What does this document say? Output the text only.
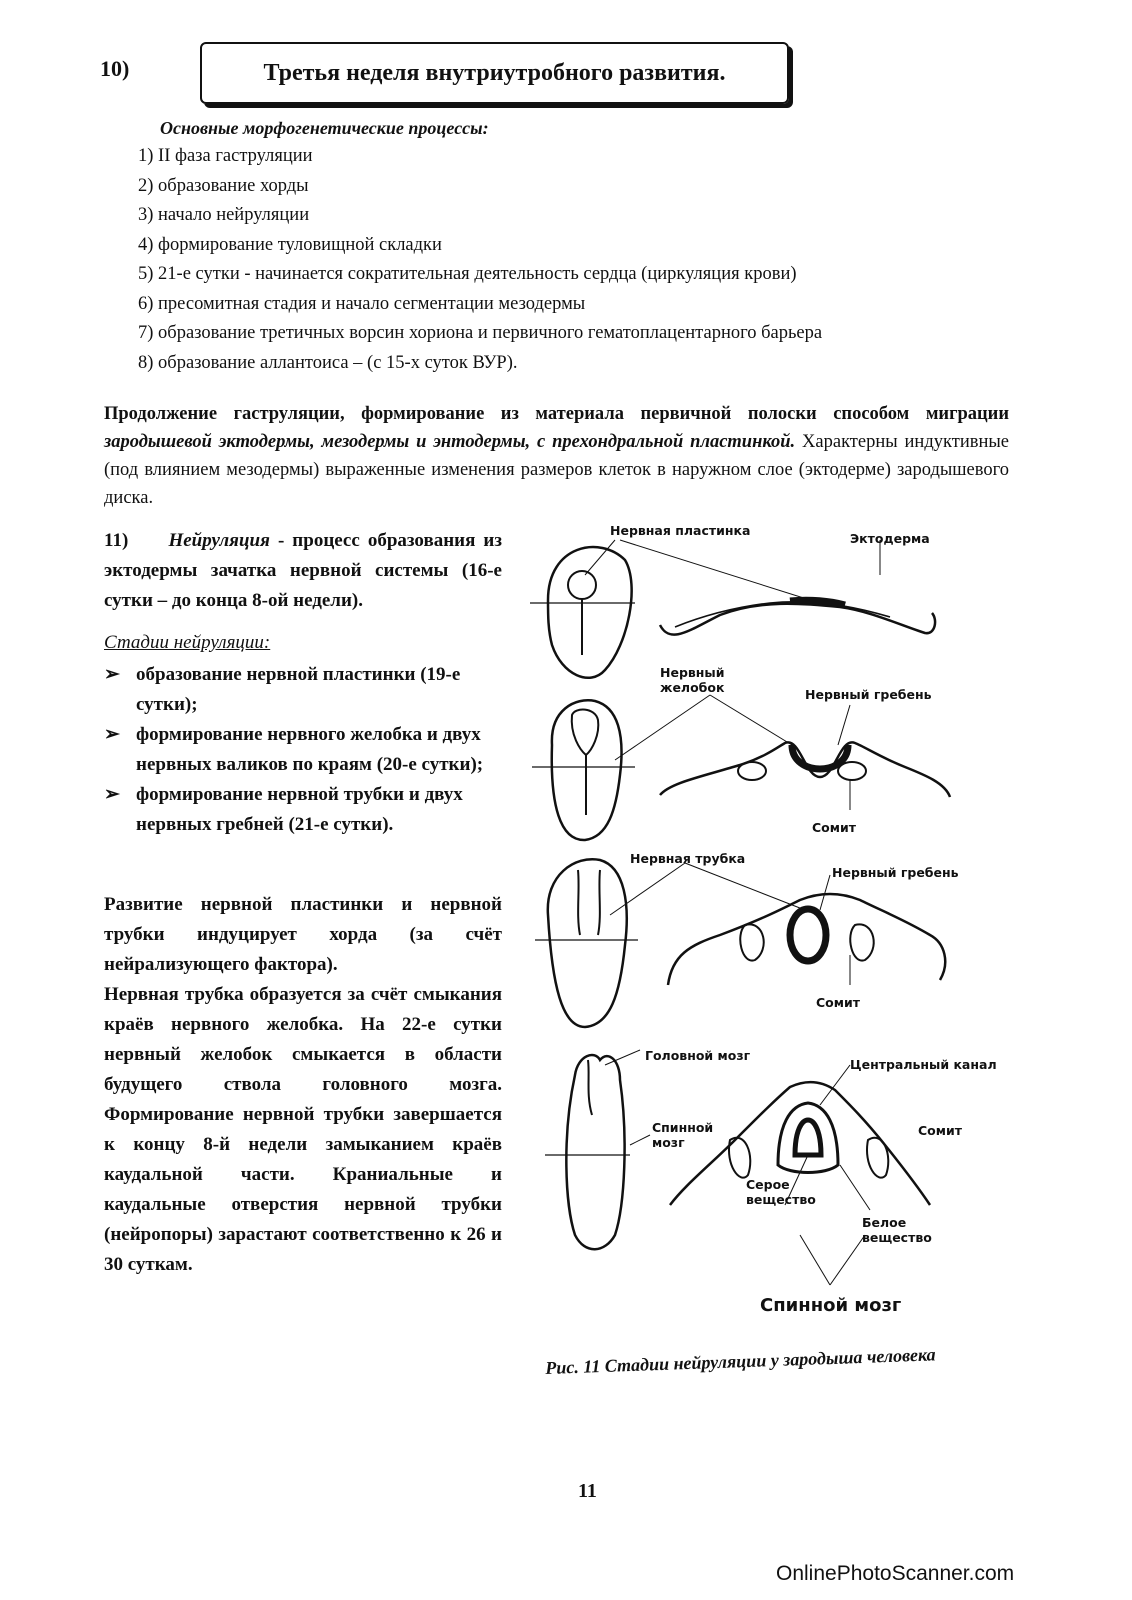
10)	Третья неделя внутриутробного развития.
Основные морфогенетические процессы:
1) II фаза гаструляции
2) образование хорды
3) начало нейруляции
4) формирование туловищной складки
5) 21-е сутки - начинается сократительная деятельность сердца (циркуляция крови)
6) пресомитная стадия и начало сегментации мезодермы
7) образование третичных ворсин хориона и первичного гематоплацентарного барьера
8) образование аллантоиса – (с 15-х суток ВУР).

Продолжение гаструляции, формирование из материала первичной полоски способом миграции зародышевой эктодермы, мезодермы и энтодермы, с прехондральной пластинкой. Характерны индуктивные (под влиянием мезодермы) выраженные изменения размеров клеток в наружном слое (эктодерме) зародышевого диска.

11) Нейруляция - процесс образования из эктодермы зачатка нервной системы (16-е сутки – до конца 8-ой недели).

Стадии нейруляции:

➢ образование нервной пластинки (19-е сутки);
➢ формирование нервного желобка и двух нервных валиков по краям (20-е сутки);
➢ формирование нервной трубки и двух нервных гребней (21-е сутки).

Развитие нервной пластинки и нервной трубки индуцирует хорда (за счёт нейрализующего фактора).

Нервная трубка образуется за счёт смыкания краёв нервного желобка. На 22-е сутки нервный желобок смыкается в области будущего ствола головного мозга. Формирование нервной трубки завершается к концу 8-й недели замыканием краёв каудальной части. Краниальные и каудальные отверстия нервной трубки (нейропоры) зарастают соответственно к 26 и 30 суткам.

Нервная пластинка
Эктодерма
Нервный желобок	Нервный гребень
Сомит
Нервная трубка
Нервный гребень
Сомит
Головной мозг
Центральный канал
Спинной мозг
Сомит
Серое вещество
Белое вещество
Спинной мозг
Рис. 11 Стадии нейруляции у зародыша человека
11
OnlinePhotoScanner.com
